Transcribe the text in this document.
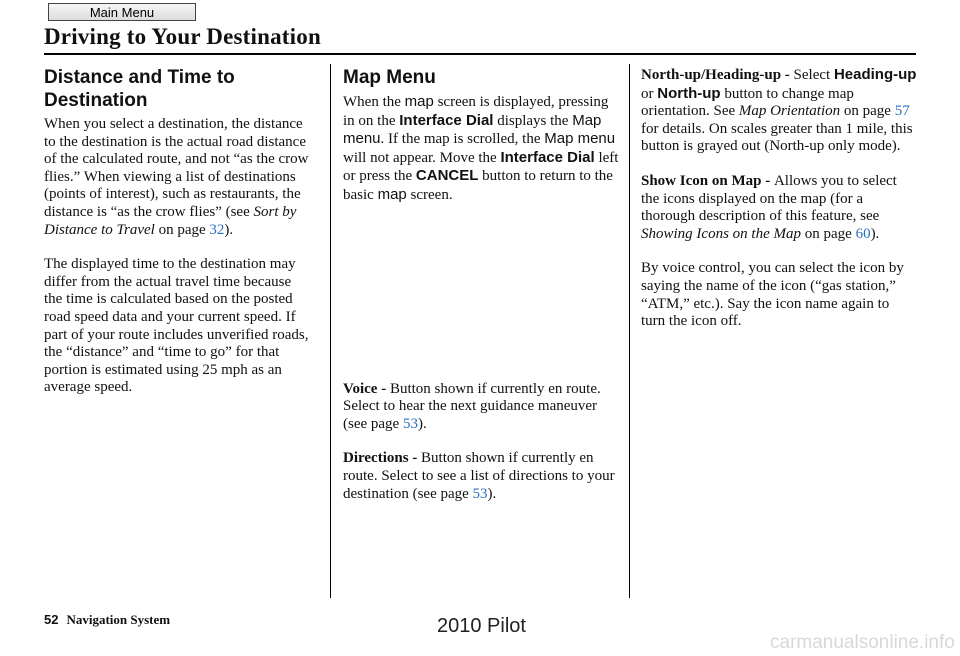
Main Menu
Driving to Your Destination
Distance and Time to Destination

When you select a destination, the distance to the destination is the actual road distance of the calculated route, and not “as the crow flies.” When viewing a list of destinations (points of interest), such as restaurants, the distance is “as the crow flies” (see Sort by Distance to Travel on page 32).

The displayed time to the destination may differ from the actual travel time because the time is calculated based on the posted road speed data and your current speed. If part of your route includes unverified roads, the “distance” and “time to go” for that portion is estimated using 25 mph as an average speed.

Map Menu

When the map screen is displayed, pressing in on the Interface Dial displays the Map menu. If the map is scrolled, the Map menu will not appear. Move the Interface Dial left or press the CANCEL button to return to the basic map screen.

Voice - Button shown if currently en route. Select to hear the next guidance maneuver (see page 53).

Directions - Button shown if currently en route. Select to see a list of directions to your destination (see page 53).

North-up/Heading-up - Select Heading-up or North-up button to change map orientation. See Map Orientation on page 57 for details. On scales greater than 1 mile, this button is grayed out (North-up only mode).

Show Icon on Map - Allows you to select the icons displayed on the map (for a thorough description of this feature, see Showing Icons on the Map on page 60).

By voice control, you can select the icon by saying the name of the icon (“gas station,” “ATM,” etc.). Say the icon name again to turn the icon off.

52 Navigation System	2010 Pilot
carmanualsonline.info
